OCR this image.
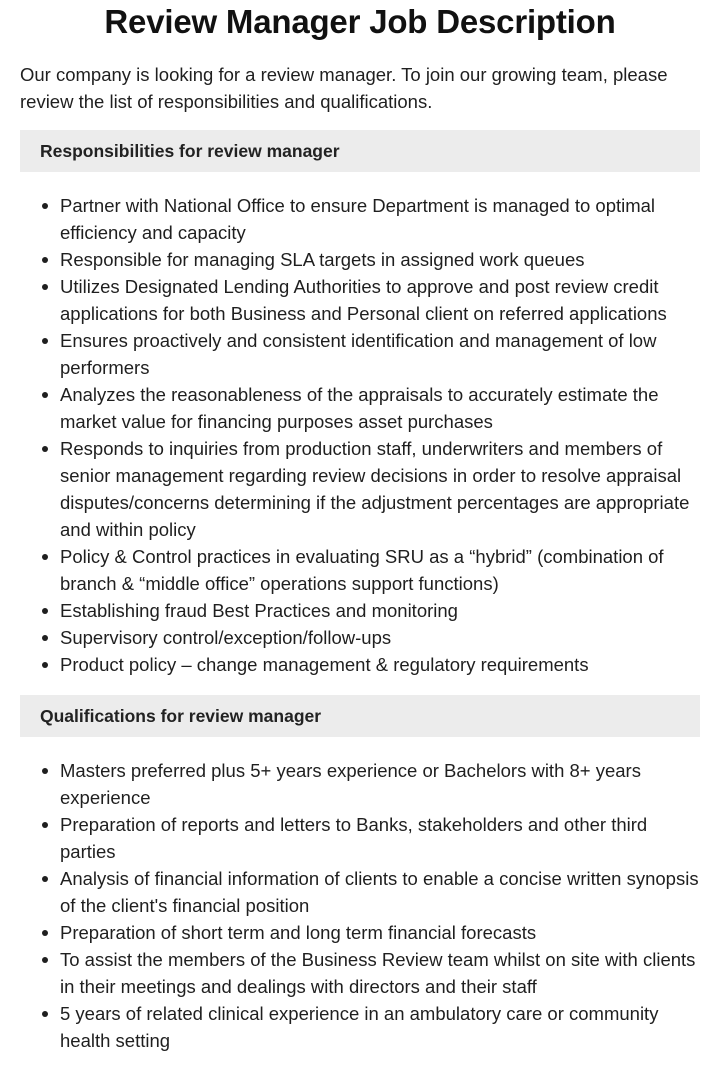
Review Manager Job Description

Our company is looking for a review manager. To join our growing team, please review the list of responsibilities and qualifications.

Responsibilities for review manager
Partner with National Office to ensure Department is managed to optimal efficiency and capacity
Responsible for managing SLA targets in assigned work queues
Utilizes Designated Lending Authorities to approve and post review credit applications for both Business and Personal client on referred applications
Ensures proactively and consistent identification and management of low performers
Analyzes the reasonableness of the appraisals to accurately estimate the market value for financing purposes asset purchases
Responds to inquiries from production staff, underwriters and members of senior management regarding review decisions in order to resolve appraisal disputes/concerns determining if the adjustment percentages are appropriate and within policy
Policy & Control practices in evaluating SRU as a “hybrid” (combination of branch & “middle office” operations support functions)
Establishing fraud Best Practices and monitoring
Supervisory control/exception/follow-ups
Product policy – change management & regulatory requirements
Qualifications for review manager
Masters preferred plus 5+ years experience or Bachelors with 8+ years experience
Preparation of reports and letters to Banks, stakeholders and other third parties
Analysis of financial information of clients to enable a concise written synopsis of the client's financial position
Preparation of short term and long term financial forecasts
To assist the members of the Business Review team whilst on site with clients in their meetings and dealings with directors and their staff
5 years of related clinical experience in an ambulatory care or community health setting
